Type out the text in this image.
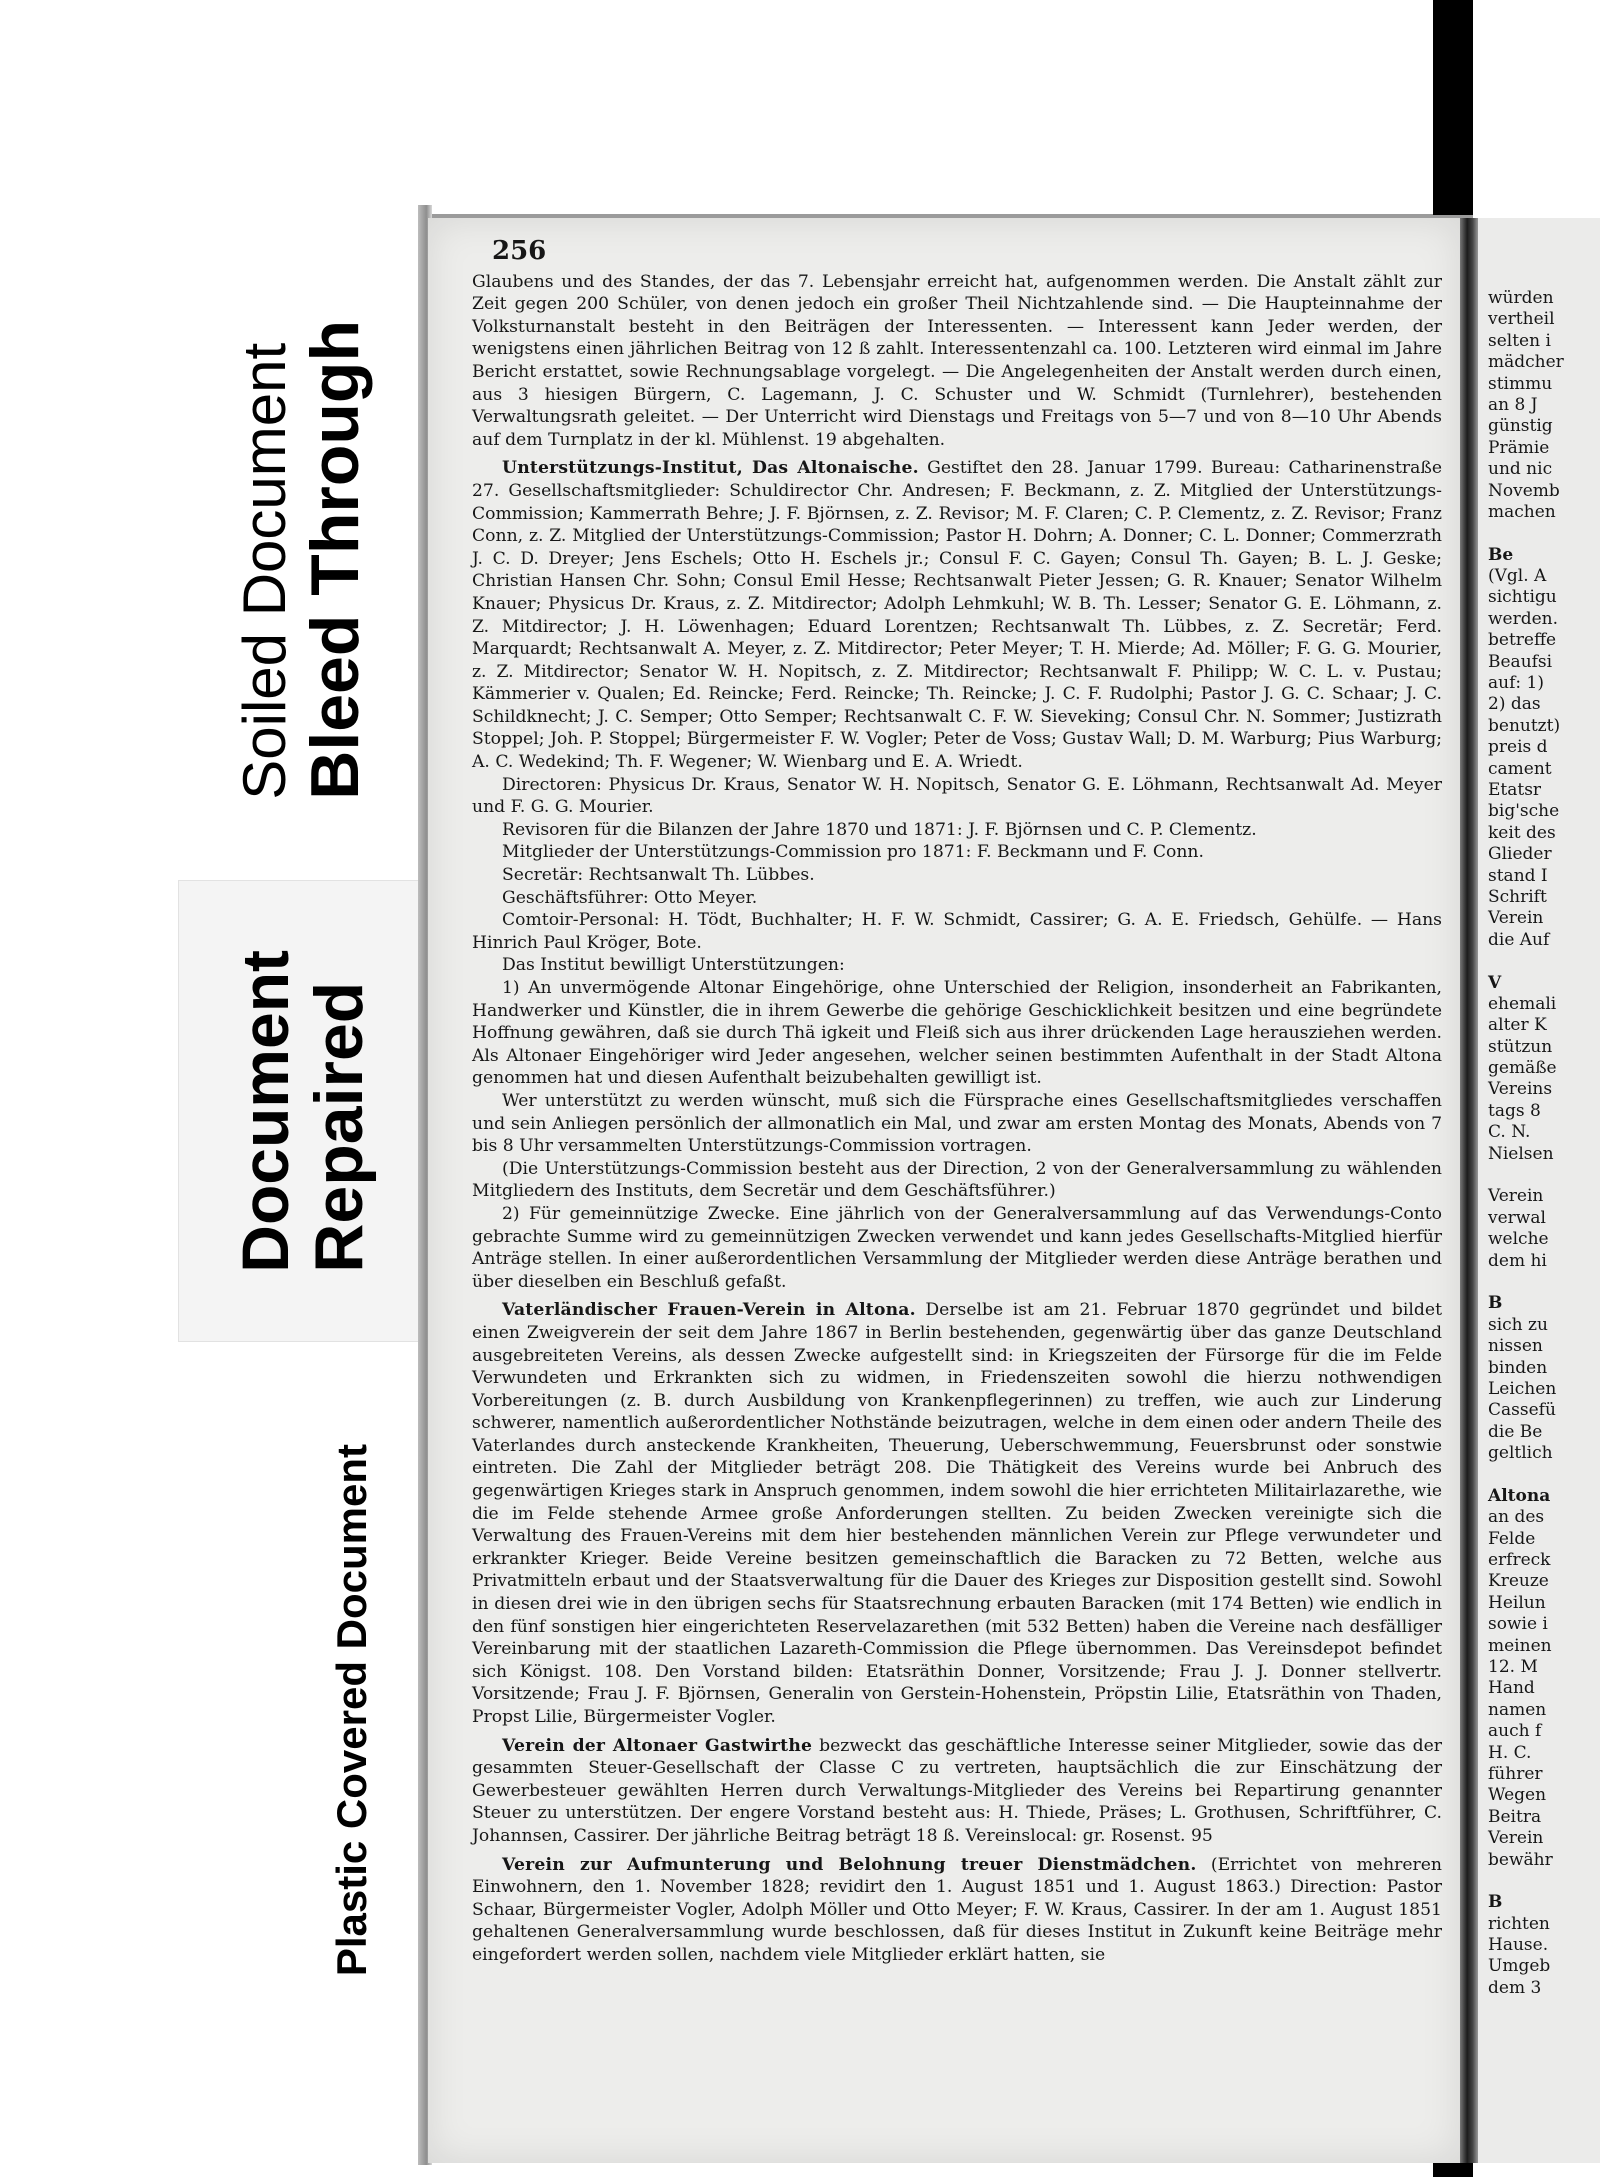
Bleed Through
Soiled Document
Repaired
Document
Plastic Covered Document
256

Glaubens und des Standes, der das 7. Lebensjahr erreicht hat, aufgenommen werden. Die Anstalt zählt zur Zeit gegen 200 Schüler, von denen jedoch ein großer Theil Nichtzahlende sind. — Die Haupteinnahme der Volksturnanstalt besteht in den Beiträgen der Interessenten. — Interessent kann Jeder werden, der wenigstens einen jährlichen Beitrag von 12 ß zahlt. Interessentenzahl ca. 100. Letzteren wird einmal im Jahre Bericht erstattet, sowie Rechnungsablage vorgelegt. — Die Angelegenheiten der Anstalt werden durch einen, aus 3 hiesigen Bürgern, C. Lagemann, J. C. Schuster und W. Schmidt (Turnlehrer), bestehenden Verwaltungsrath geleitet. — Der Unterricht wird Dienstags und Freitags von 5—7 und von 8—10 Uhr Abends auf dem Turnplatz in der kl. Mühlenst. 19 abgehalten.

Unterstützungs-Institut, Das Altonaische. Gestiftet den 28. Januar 1799. Bureau: Catharinenstraße 27. Gesellschaftsmitglieder: Schuldirector Chr. Andresen; F. Beckmann, z. Z. Mitglied der Unterstützungs-Commission; Kammerrath Behre; J. F. Björnsen, z. Z. Revisor; M. F. Claren; C. P. Clementz, z. Z. Revisor; Franz Conn, z. Z. Mitglied der Unterstützungs-Commission; Pastor H. Dohrn; A. Donner; C. L. Donner; Commerzrath J. C. D. Dreyer; Jens Eschels; Otto H. Eschels jr.; Consul F. C. Gayen; Consul Th. Gayen; B. L. J. Geske; Christian Hansen Chr. Sohn; Consul Emil Hesse; Rechtsanwalt Pieter Jessen; G. R. Knauer; Senator Wilhelm Knauer; Physicus Dr. Kraus, z. Z. Mitdirector; Adolph Lehmkuhl; W. B. Th. Lesser; Senator G. E. Löhmann, z. Z. Mitdirector; J. H. Löwenhagen; Eduard Lorentzen; Rechtsanwalt Th. Lübbes, z. Z. Secretär; Ferd. Marquardt; Rechtsanwalt A. Meyer, z. Z. Mitdirector; Peter Meyer; T. H. Mierde; Ad. Möller; F. G. G. Mourier, z. Z. Mitdirector; Senator W. H. Nopitsch, z. Z. Mitdirector; Rechtsanwalt F. Philipp; W. C. L. v. Pustau; Kämmerier v. Qualen; Ed. Reincke; Ferd. Reincke; Th. Reincke; J. C. F. Rudolphi; Pastor J. G. C. Schaar; J. C. Schildknecht; J. C. Semper; Otto Semper; Rechtsanwalt C. F. W. Sieveking; Consul Chr. N. Sommer; Justizrath Stoppel; Joh. P. Stoppel; Bürgermeister F. W. Vogler; Peter de Voss; Gustav Wall; D. M. Warburg; Pius Warburg; A. C. Wedekind; Th. F. Wegener; W. Wienbarg und E. A. Wriedt.

Directoren: Physicus Dr. Kraus, Senator W. H. Nopitsch, Senator G. E. Löhmann, Rechtsanwalt Ad. Meyer und F. G. G. Mourier.

Revisoren für die Bilanzen der Jahre 1870 und 1871: J. F. Björnsen und C. P. Clementz.

Mitglieder der Unterstützungs-Commission pro 1871: F. Beckmann und F. Conn.

Secretär: Rechtsanwalt Th. Lübbes.

Geschäftsführer: Otto Meyer.

Comtoir-Personal: H. Tödt, Buchhalter; H. F. W. Schmidt, Cassirer; G. A. E. Friedsch, Gehülfe. — Hans Hinrich Paul Kröger, Bote.

Das Institut bewilligt Unterstützungen:

1) An unvermögende Altonar Eingehörige, ohne Unterschied der Religion, insonderheit an Fabrikanten, Handwerker und Künstler, die in ihrem Gewerbe die gehörige Geschicklichkeit besitzen und eine begründete Hoffnung gewähren, daß sie durch Thä igkeit und Fleiß sich aus ihrer drückenden Lage herausziehen werden. Als Altonaer Eingehöriger wird Jeder angesehen, welcher seinen bestimmten Aufenthalt in der Stadt Altona genommen hat und diesen Aufenthalt beizubehalten gewilligt ist.

Wer unterstützt zu werden wünscht, muß sich die Fürsprache eines Gesellschaftsmitgliedes verschaffen und sein Anliegen persönlich der allmonatlich ein Mal, und zwar am ersten Montag des Monats, Abends von 7 bis 8 Uhr versammelten Unterstützungs-Commission vortragen.

(Die Unterstützungs-Commission besteht aus der Direction, 2 von der Generalversammlung zu wählenden Mitgliedern des Instituts, dem Secretär und dem Geschäftsführer.)

2) Für gemeinnützige Zwecke. Eine jährlich von der Generalversammlung auf das Verwendungs-Conto gebrachte Summe wird zu gemeinnützigen Zwecken verwendet und kann jedes Gesellschafts-Mitglied hierfür Anträge stellen. In einer außerordentlichen Versammlung der Mitglieder werden diese Anträge berathen und über dieselben ein Beschluß gefaßt.

Vaterländischer Frauen-Verein in Altona. Derselbe ist am 21. Februar 1870 gegründet und bildet einen Zweigverein der seit dem Jahre 1867 in Berlin bestehenden, gegenwärtig über das ganze Deutschland ausgebreiteten Vereins, als dessen Zwecke aufgestellt sind: in Kriegszeiten der Fürsorge für die im Felde Verwundeten und Erkrankten sich zu widmen, in Friedenszeiten sowohl die hierzu nothwendigen Vorbereitungen (z. B. durch Ausbildung von Krankenpflegerinnen) zu treffen, wie auch zur Linderung schwerer, namentlich außerordentlicher Nothstände beizutragen, welche in dem einen oder andern Theile des Vaterlandes durch ansteckende Krankheiten, Theuerung, Ueberschwemmung, Feuersbrunst oder sonstwie eintreten. Die Zahl der Mitglieder beträgt 208. Die Thätigkeit des Vereins wurde bei Anbruch des gegenwärtigen Krieges stark in Anspruch genommen, indem sowohl die hier errichteten Militairlazarethe, wie die im Felde stehende Armee große Anforderungen stellten. Zu beiden Zwecken vereinigte sich die Verwaltung des Frauen-Vereins mit dem hier bestehenden männlichen Verein zur Pflege verwundeter und erkrankter Krieger. Beide Vereine besitzen gemeinschaftlich die Baracken zu 72 Betten, welche aus Privatmitteln erbaut und der Staatsverwaltung für die Dauer des Krieges zur Disposition gestellt sind. Sowohl in diesen drei wie in den übrigen sechs für Staatsrechnung erbauten Baracken (mit 174 Betten) wie endlich in den fünf sonstigen hier eingerichteten Reservelazarethen (mit 532 Betten) haben die Vereine nach desfälliger Vereinbarung mit der staatlichen Lazareth-Commission die Pflege übernommen. Das Vereinsdepot befindet sich Königst. 108. Den Vorstand bilden: Etatsräthin Donner, Vorsitzende; Frau J. J. Donner stellvertr. Vorsitzende; Frau J. F. Björnsen, Generalin von Gerstein-Hohenstein, Pröpstin Lilie, Etatsräthin von Thaden, Propst Lilie, Bürgermeister Vogler.

Verein der Altonaer Gastwirthe bezweckt das geschäftliche Interesse seiner Mitglieder, sowie das der gesammten Steuer-Gesellschaft der Classe C zu vertreten, hauptsächlich die zur Einschätzung der Gewerbesteuer gewählten Herren durch Verwaltungs-Mitglieder des Vereins bei Repartirung genannter Steuer zu unterstützen. Der engere Vorstand besteht aus: H. Thiede, Präses; L. Grothusen, Schriftführer, C. Johannsen, Cassirer. Der jährliche Beitrag beträgt 18 ß. Vereinslocal: gr. Rosenst. 95

Verein zur Aufmunterung und Belohnung treuer Dienstmädchen. (Errichtet von mehreren Einwohnern, den 1. November 1828; revidirt den 1. August 1851 und 1. August 1863.) Direction: Pastor Schaar, Bürgermeister Vogler, Adolph Möller und Otto Meyer; F. W. Kraus, Cassirer. In der am 1. August 1851 gehaltenen Generalversammlung wurde beschlossen, daß für dieses Institut in Zukunft keine Beiträge mehr eingefordert werden sollen, nachdem viele Mitglieder erklärt hatten, sie

würden
vertheil
selten i
mädcher
stimmu
an 8 J
günstig
Prämie
und nic
Novemb
machen
Be
(Vgl. A
sichtigu
werden.
betreffe
Beaufsi
auf: 1)
2) das
benutzt)
preis d
cament
Etatsr
big'sche
keit des
Glieder
stand I
Schrift
Verein
die Auf
V
ehemali
alter K
stützun
gemäße
Vereins
tags 8
C. N.
Nielsen
Verein
verwal
welche
dem hi
B
sich zu
nissen
binden
Leichen
Cassefü
die Be
geltlich
Altona
an des
Felde
erfreck
Kreuze
Heilun
sowie i
meinen
12. M
Hand
namen
auch f
H. C.
führer
Wegen
Beitra
Verein
bewähr
B
richten
Hause.
Umgeb
dem 3
